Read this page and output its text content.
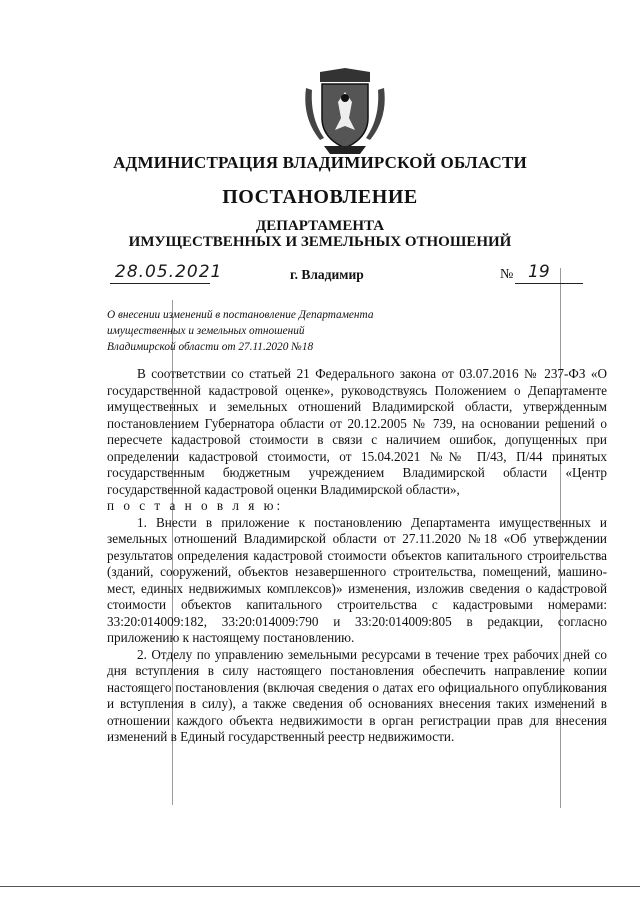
АДМИНИСТРАЦИЯ ВЛАДИМИРСКОЙ ОБЛАСТИ
ПОСТАНОВЛЕНИЕ
ДЕПАРТАМЕНТА
ИМУЩЕСТВЕННЫХ И ЗЕМЕЛЬНЫХ ОТНОШЕНИЙ
28.05.2021	г. Владимир	№ 19
О внесении изменений в постановление Департамента
имущественных и земельных отношений
Владимирской области от 27.11.2020 №18

В соответствии со статьей 21 Федерального закона от 03.07.2016 № 237-ФЗ «О государственной кадастровой оценке», руководствуясь Положением о Департаменте имущественных и земельных отношений Владимирской области, утвержденным постановлением Губернатора области от 20.12.2005 № 739, на основании решений о пересчете кадастровой стоимости в связи с наличием ошибок, допущенных при определении кадастровой стоимости, от 15.04.2021 №№ П/43, П/44 принятых государственным бюджетным учреждением Владимирской области «Центр государственной кадастровой оценки Владимирской области»,

п о с т а н о в л я ю:

1. Внести в приложение к постановлению Департамента имущественных и земельных отношений Владимирской области от 27.11.2020 №18 «Об утверждении результатов определения кадастровой стоимости объектов капитального строительства (зданий, сооружений, объектов незавершенного строительства, помещений, машино-мест, единых недвижимых комплексов)» изменения, изложив сведения о кадастровой стоимости объектов капитального строительства с кадастровыми номерами: 33:20:014009:182, 33:20:014009:790 и 33:20:014009:805 в редакции, согласно приложению к настоящему постановлению.

2. Отделу по управлению земельными ресурсами в течение трех рабочих дней со дня вступления в силу настоящего постановления обеспечить направление копии настоящего постановления (включая сведения о датах его официального опубликования и вступления в силу), а также сведения об основаниях внесения таких изменений в отношении каждого объекта недвижимости в орган регистрации прав для внесения изменений в Единый государственный реестр недвижимости.
